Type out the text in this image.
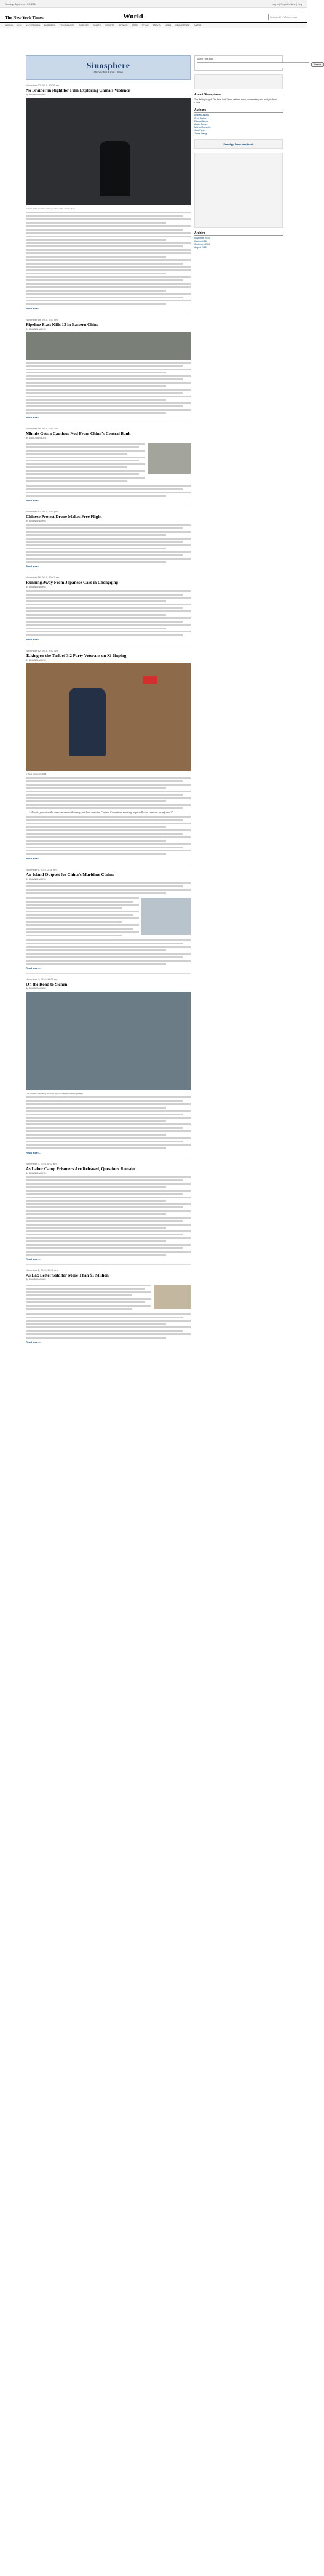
Sunday, September 25, 2011	Log In | Register Now | Help
The New York Times	World
Search All NYTimes.com
WORLD U.S. N.Y. / REGION BUSINESS TECHNOLOGY SCIENCE HEALTH SPORTS OPINION ARTS STYLE TRAVEL JOBS REAL ESTATE AUTOS
Sinosphere
Dispatches From China
November 22, 2010, 10:20 am
No Brainer in Right for Film Exploring China’s Violence
By EDWARD WONG
A photo of the filmmaker at the premiere of his documentary.
Read more…
November 19, 2010, 9:07 pm
Pipeline Blast Kills 13 in Eastern China
By EDWARD WONG
Read more…
November 18, 2010, 6:00 am
Minnie Gets a Cautious Nod From China’s Central Bank
By DAVID BARBOZA
Read more…
November 17, 2010, 5:04 pm
Chinese Protest Drone Makes Free Flight
By EDWARD WONG
Read more…
November 16, 2010, 10:41 am
Running Away From Japanese Cars in Chongqing
By EDWARD WONG
Read more…
November 12, 2010, 8:51 am
Taking on the Task of 3.2 Party Veterans on Xi Jinping
By EDWARD WONG
Li Peng, pictured in 1998.
“How do you view the announcement that may not lead even the Central Committee meeting, especially the sessions on reforms?”
Read more…
November 8, 2010, 2:46 pm
An Island Outpost for China’s Maritime Claims
By EDWARD WONG
Read more…
November 4, 2010, 11:00 am
On the Road to Sichen
By EDWARD WONG
The entrance of a saving company sign in an English speaking village.
Read more…
November 3, 2010, 6:57 am
As Labor Camp Prisoners Are Released, Questions Remain
By EDWARD WONG
Read more…
November 1, 2010, 10:45 am
As Lax Letter Sold for More Than $1 Million
By EDWARD WONG
Read more…
Search This Blog
Search
About Sinosphere
The Beijing blog of The New York Times delivers news, commentary and analysis from China.
Authors
Andrew Jacobs
Chris Buckley
Edward Wong
Austin Ramzy
Michael Forsythe
Jane Perlez
Jimmy Wang
Free App From Handbook
Archive
November 2010
October 2010
September 2010
August 2010
